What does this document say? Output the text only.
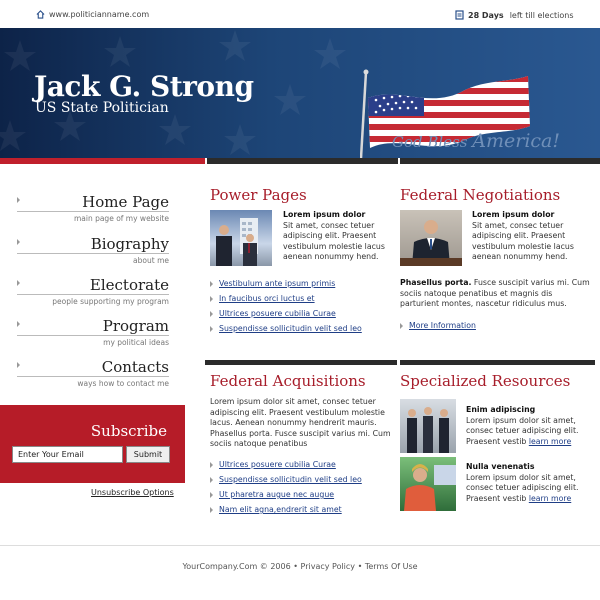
www.politicianname.com	28 Days left till elections
Jack G. Strong
US State Politician
God Bless America!
Home Page
main page of my website
Biography
about me
Electorate
people supporting my program
Program
my political ideas
Contacts
ways how to contact me
Subscribe
Enter Your Email
Submit
Unsubscribe Options
Power Pages
Lorem ipsum dolor
Sit amet, consec tetuer adipiscing elit. Praesent vestibulum molestie lacus aenean nonummy hend.
Vestibulum ante ipsum primis
In faucibus orci luctus et
Ultrices posuere cubilia Curae
Suspendisse sollicitudin velit sed leo
Federal Negotiations
Lorem ipsum dolor
Sit amet, consec tetuer adipiscing elit. Praesent vestibulum molestie lacus aenean nonummy hend.
Phasellus porta. Fusce suscipit varius mi. Cum sociis natoque penatibus et magnis dis parturient montes, nascetur ridiculus mus.
More Information
Federal Acquisitions
Lorem ipsum dolor sit amet, consec tetuer adipiscing elit. Praesent vestibulum molestie lacus. Aenean nonummy hendrerit mauris. Phasellus porta. Fusce suscipit varius mi. Cum sociis natoque penatibus
Ultrices posuere cubilia Curae
Suspendisse sollicitudin velit sed leo
Ut pharetra augue nec augue
Nam elit agna,endrerit sit amet
Specialized Resources
Enim adipiscing
Lorem ipsum dolor sit amet, consec tetuer adipiscing elit. Praesent vestib learn more
Nulla venenatis
Lorem ipsum dolor sit amet, consec tetuer adipiscing elit. Praesent vestib learn more
YourCompany.Com © 2006 • Privacy Policy • Terms Of Use
